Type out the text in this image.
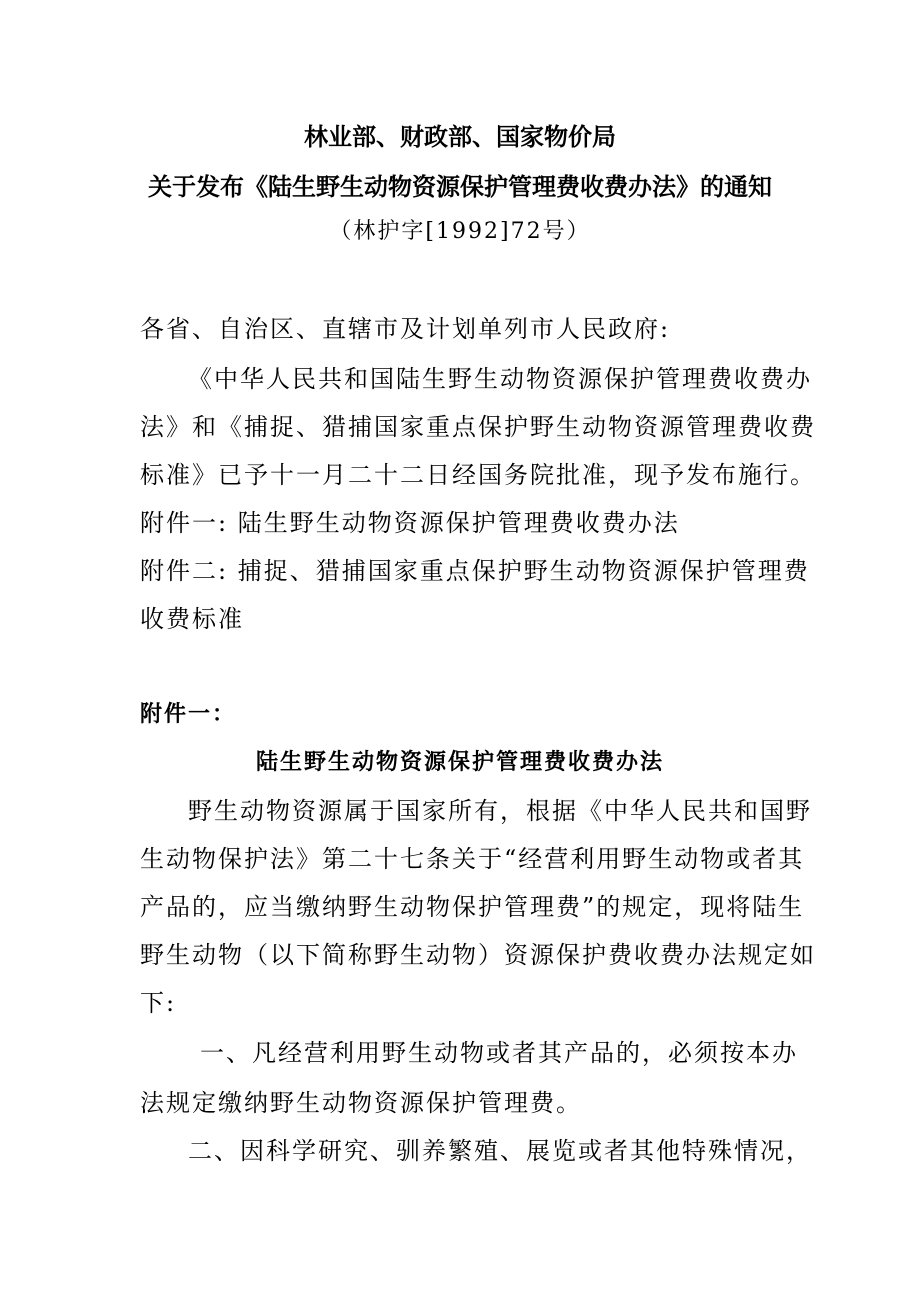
林业部、财政部、国家物价局
关于发布《陆生野生动物资源保护管理费收费办法》的通知
（林护字[1992]72号）
各省、自治区、直辖市及计划单列市人民政府:
《中华人民共和国陆生野生动物资源保护管理费收费办
法》和《捕捉、猎捕国家重点保护野生动物资源管理费收费
标准》已予十一月二十二日经国务院批准，现予发布施行。
附件一: 陆生野生动物资源保护管理费收费办法
附件二: 捕捉、猎捕国家重点保护野生动物资源保护管理费
收费标准
附件一：
陆生野生动物资源保护管理费收费办法
野生动物资源属于国家所有，根据《中华人民共和国野
生动物保护法》第二十七条关于“经营利用野生动物或者其
产品的，应当缴纳野生动物保护管理费”的规定，现将陆生
野生动物（以下简称野生动物）资源保护费收费办法规定如
下:
一、凡经营利用野生动物或者其产品的，必须按本办
法规定缴纳野生动物资源保护管理费。
二、因科学研究、驯养繁殖、展览或者其他特殊情况，
